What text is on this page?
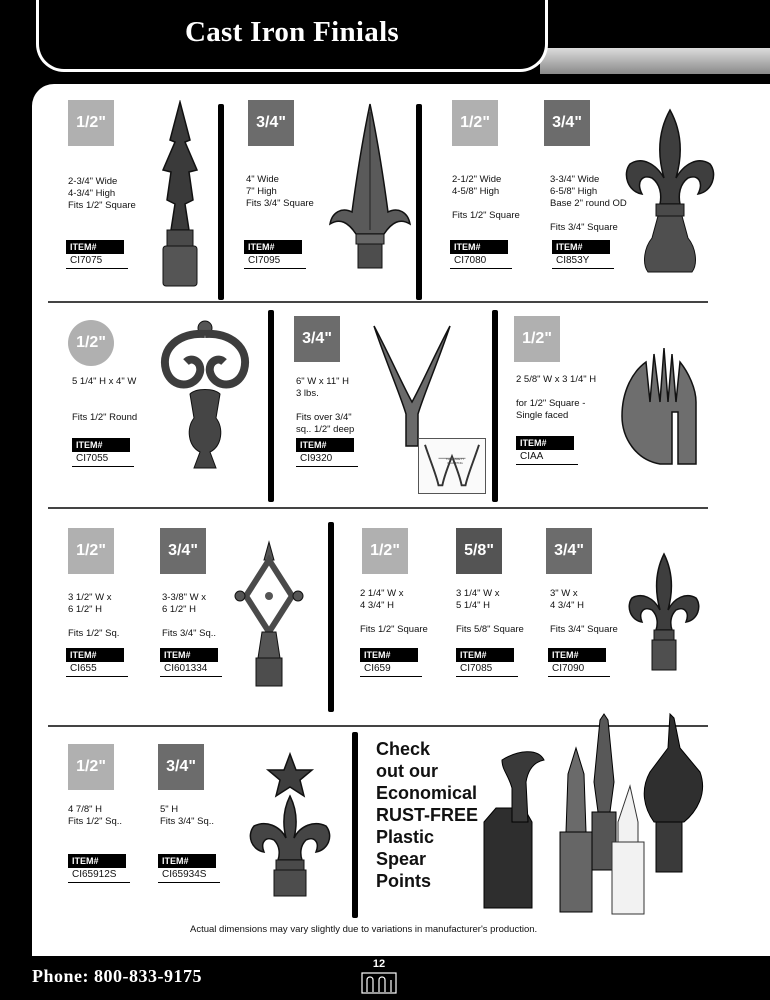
Cast Iron Finials
1/2"
2-3/4" Wide
4-3/4" High
Fits 1/2" Square
ITEM#
CI7075
3/4"
4" Wide
7" High
Fits 3/4" Square
ITEM#
CI7095
1/2"
2-1/2" Wide
4-5/8" High

Fits 1/2" Square
ITEM#
CI7080
3/4"
3-3/4" Wide
6-5/8" High
Base 2" round OD

Fits 3/4" Square
ITEM#
CI853Y
1/2"
5 1/4" H x 4" W

Fits 1/2" Round
ITEM#
CI7055
3/4"
6" W x 11" H
3 lbs.

Fits over 3/4"
sq.. 1/2" deep
ITEM#
CI9320	THE SAFETY CLAMPING
1/2"
2 5/8" W x 3 1/4" H

for 1/2" Square -
Single faced
ITEM#
CIAA
1/2"
3 1/2" W x
6 1/2" H

Fits 1/2" Sq.
ITEM#
CI655
3/4"
3-3/8" W x
6 1/2" H

Fits 3/4" Sq..
ITEM#
CI601334
1/2"
2 1/4" W x
4 3/4" H

Fits 1/2" Square
ITEM#
CI659
5/8"
3 1/4" W x
5 1/4" H

Fits 5/8" Square
ITEM#
CI7085
3/4"
3" W x
4 3/4" H

Fits 3/4" Square
ITEM#
CI7090
1/2"
4 7/8" H
Fits 1/2" Sq..
ITEM#
CI65912S
3/4"
5" H
Fits 3/4" Sq..
ITEM#
CI65934S
Check
out our
Economical
RUST-FREE
Plastic
Spear
Points
Actual dimensions may vary slightly due to variations in manufacturer's production.
Phone: 800-833-9175
12
